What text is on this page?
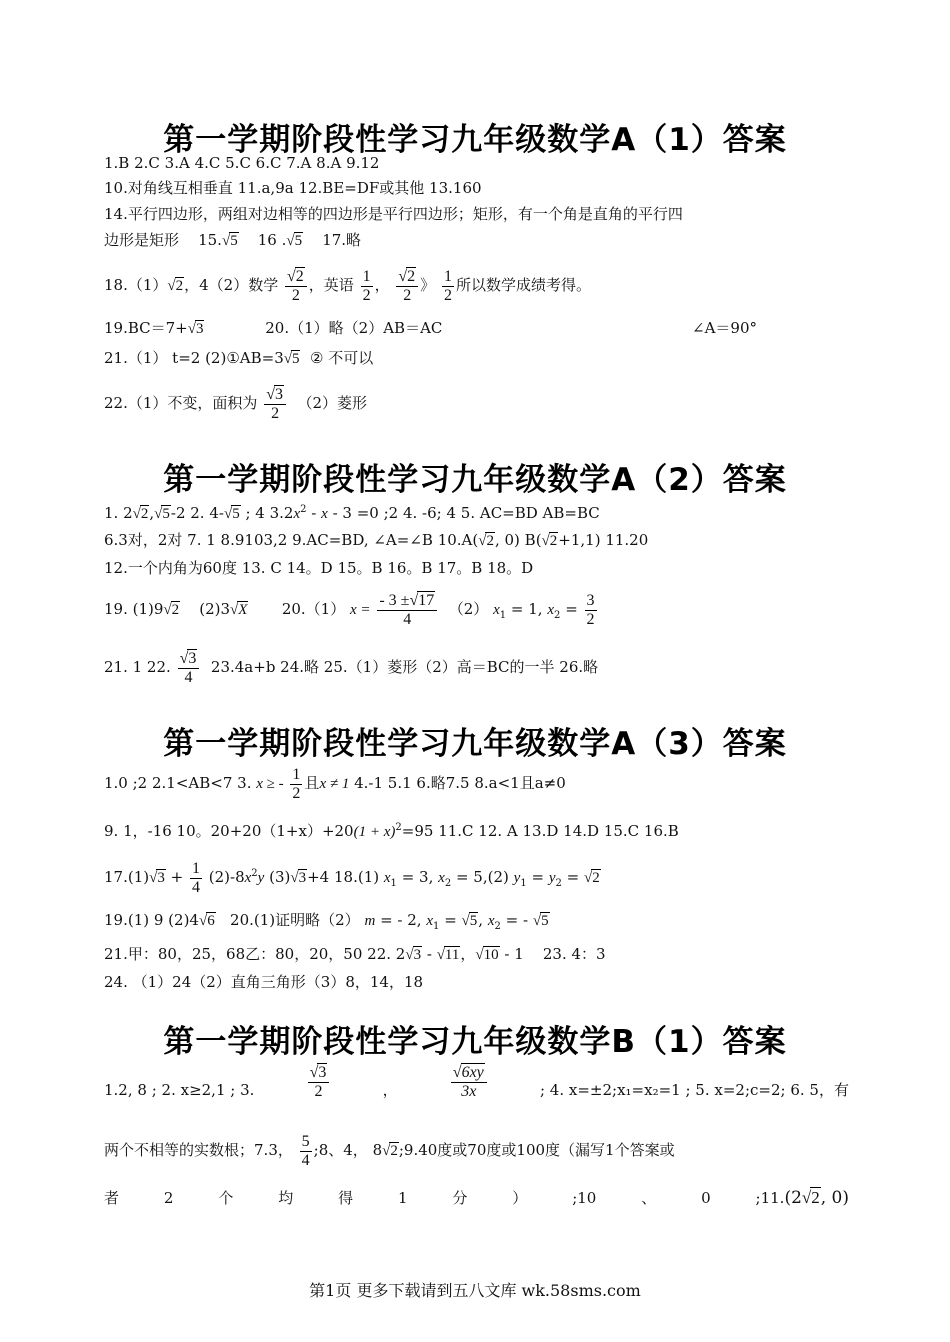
第一学期阶段性学习九年级数学A（1）答案
1.B 2.C 3.A 4.C 5.C 6.C 7.A 8.A 9.12
10.对角线互相垂直 11.a,9a 12.BE=DF或其他 13.160
14.平行四边形，两组对边相等的四边形是平行四边形；矩形，有一个角是直角的平行四
边形是矩形 15.√5 16 .√5 17.略
18.（1）√2，4（2）数学 $\frac{√2}{2}$ ，英语 $\frac{1}{2}$ ， $\frac{√2}{2}$ 》 $\frac{1}{2}$ 所以数学成绩考得。
19.BC＝7+√3	20.（1）略（2）AB＝AC	∠A＝90°
21.（1） t=2 (2)①AB=3√5 ② 不可以
22.（1）不变，面积为 $\frac{√3}{2} (2)$菱形
第一学期阶段性学习九年级数学A（2）答案
1. 2√2,√5-2 2. 4-√5 ; 4 $3.2x^2 - x - 3 =0$ ;2 4. -6; 4 5. AC=BD AB=BC
6.3对，2对 7. 1 8.9103,2 9.AC=BD, ∠A=∠B 10.A(√2, 0) B(√2+1,1) 11.20
12.一个内角为60度 13. C 14。D 15。B 16。B 17。B 18。D
19. (1)9√2 (2)3√X 20.（1） $x = \frac{- 3 \pm√17}{4} (2) x_1 = 1$, $x_2 = \frac{3}{2}$
21. 1 22. $\frac{√3}{4} 23.4a+b$ 24.略 25.（1）菱形（2）高＝BC的一半 26.略
第一学期阶段性学习九年级数学A（3）答案
1.0 ;2 2.1<AB<7 3. x ≥ - $\frac{1}{2}$ 且x ≠ 1 4.-1 5.1 6.略7.5 8.a<1且a≠0
9. 1，-16 10。$20+20(1+x)+20(1 + x)^2=95$ 11.C 12. A 13.D 14.D 15.C 16.B
$17.(1)√3 + \frac{1}{4} (2)-8x^2y$ (3)√3+4 18.(1) $x_1 = 3$, $x_2 = 5,(2) y_1 = y_2 = √2$
19.(1) 9 (2)4√6 20.(1)证明略（2） m = - 2, $x_1 = √5$, $x_2$ = - √5
21.甲：80，25，68乙：80，20，50 22. 2√3 - √11，√10 - 1 23. 4：3
24. （1）24（2）直角三角形（3）8，14，18
第一学期阶段性学习九年级数学B（1）答案
1.2, 8 ; 2. x≥2,1 ; 3.	$\frac{√3}{2}$	，	$\frac{√6xy}{3x}$	; 4. x=±2;x₁=x₂=1 ; 5. x=2;c=2; 6. 5，有
两个不相等的实数根；7.3， $\frac{5}{4}$ ;8、4， 8√2;9.40度或70度或100度（漏写1个答案或
者	2	个	均	得	1	分	）	;10	、	0	;11.(2√2, 0)
第1页 更多下载请到五八文库 wk.58sms.com
